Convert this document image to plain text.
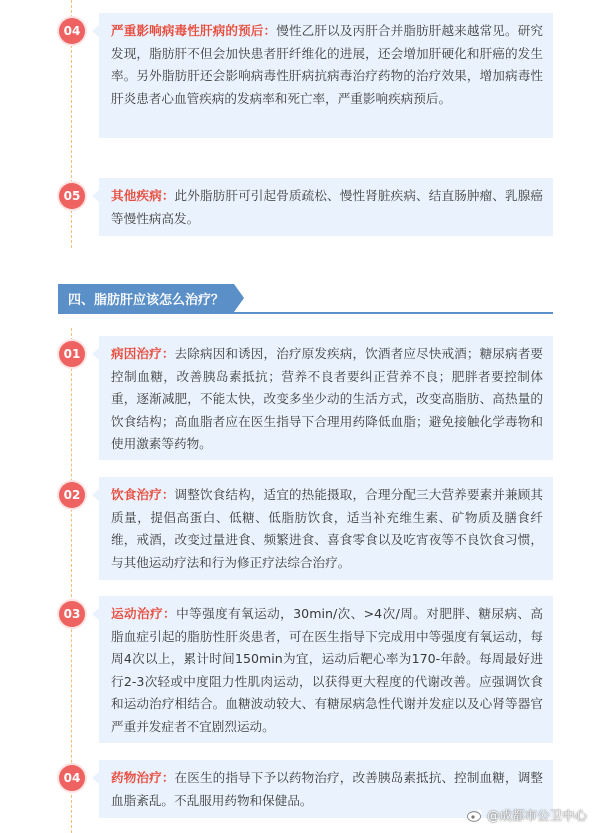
04	严重影响病毒性肝病的预后：慢性乙肝以及丙肝合并脂肪肝越来越常见。研究发现，脂肪肝不但会加快患者肝纤维化的进展，还会增加肝硬化和肝癌的发生率。另外脂肪肝还会影响病毒性肝病抗病毒治疗药物的治疗效果，增加病毒性肝炎患者心血管疾病的发病率和死亡率，严重影响疾病预后。
05	其他疾病：此外脂肪肝可引起骨质疏松、慢性肾脏疾病、结直肠肿瘤、乳腺癌等慢性病高发。
四、脂肪肝应该怎么治疗？
01	病因治疗：去除病因和诱因，治疗原发疾病，饮酒者应尽快戒酒；糖尿病者要控制血糖，改善胰岛素抵抗；营养不良者要纠正营养不良；肥胖者要控制体重，逐渐减肥，不能太快，改变多坐少动的生活方式，改变高脂肪、高热量的饮食结构；高血脂者应在医生指导下合理用药降低血脂；避免接触化学毒物和使用激素等药物。
02	饮食治疗：调整饮食结构，适宜的热能摄取，合理分配三大营养要素并兼顾其质量，提倡高蛋白、低糖、低脂肪饮食，适当补充维生素、矿物质及膳食纤维，戒酒，改变过量进食、频繁进食、喜食零食以及吃宵夜等不良饮食习惯，与其他运动疗法和行为修正疗法综合治疗。
03	运动治疗：中等强度有氧运动，30min/次、>4次/周。对肥胖、糖尿病、高脂血症引起的脂肪性肝炎患者，可在医生指导下完成用中等强度有氧运动，每周4次以上，累计时间150min为宜，运动后靶心率为170-年龄。每周最好进行2-3次轻或中度阻力性肌肉运动，以获得更大程度的代谢改善。应强调饮食和运动治疗相结合。血糖波动较大、有糖尿病急性代谢并发症以及心肾等器官严重并发症者不宜剧烈运动。
04	药物治疗：在医生的指导下予以药物治疗，改善胰岛素抵抗、控制血糖，调整血脂紊乱。不乱服用药物和保健品。
@成都市公卫中心
